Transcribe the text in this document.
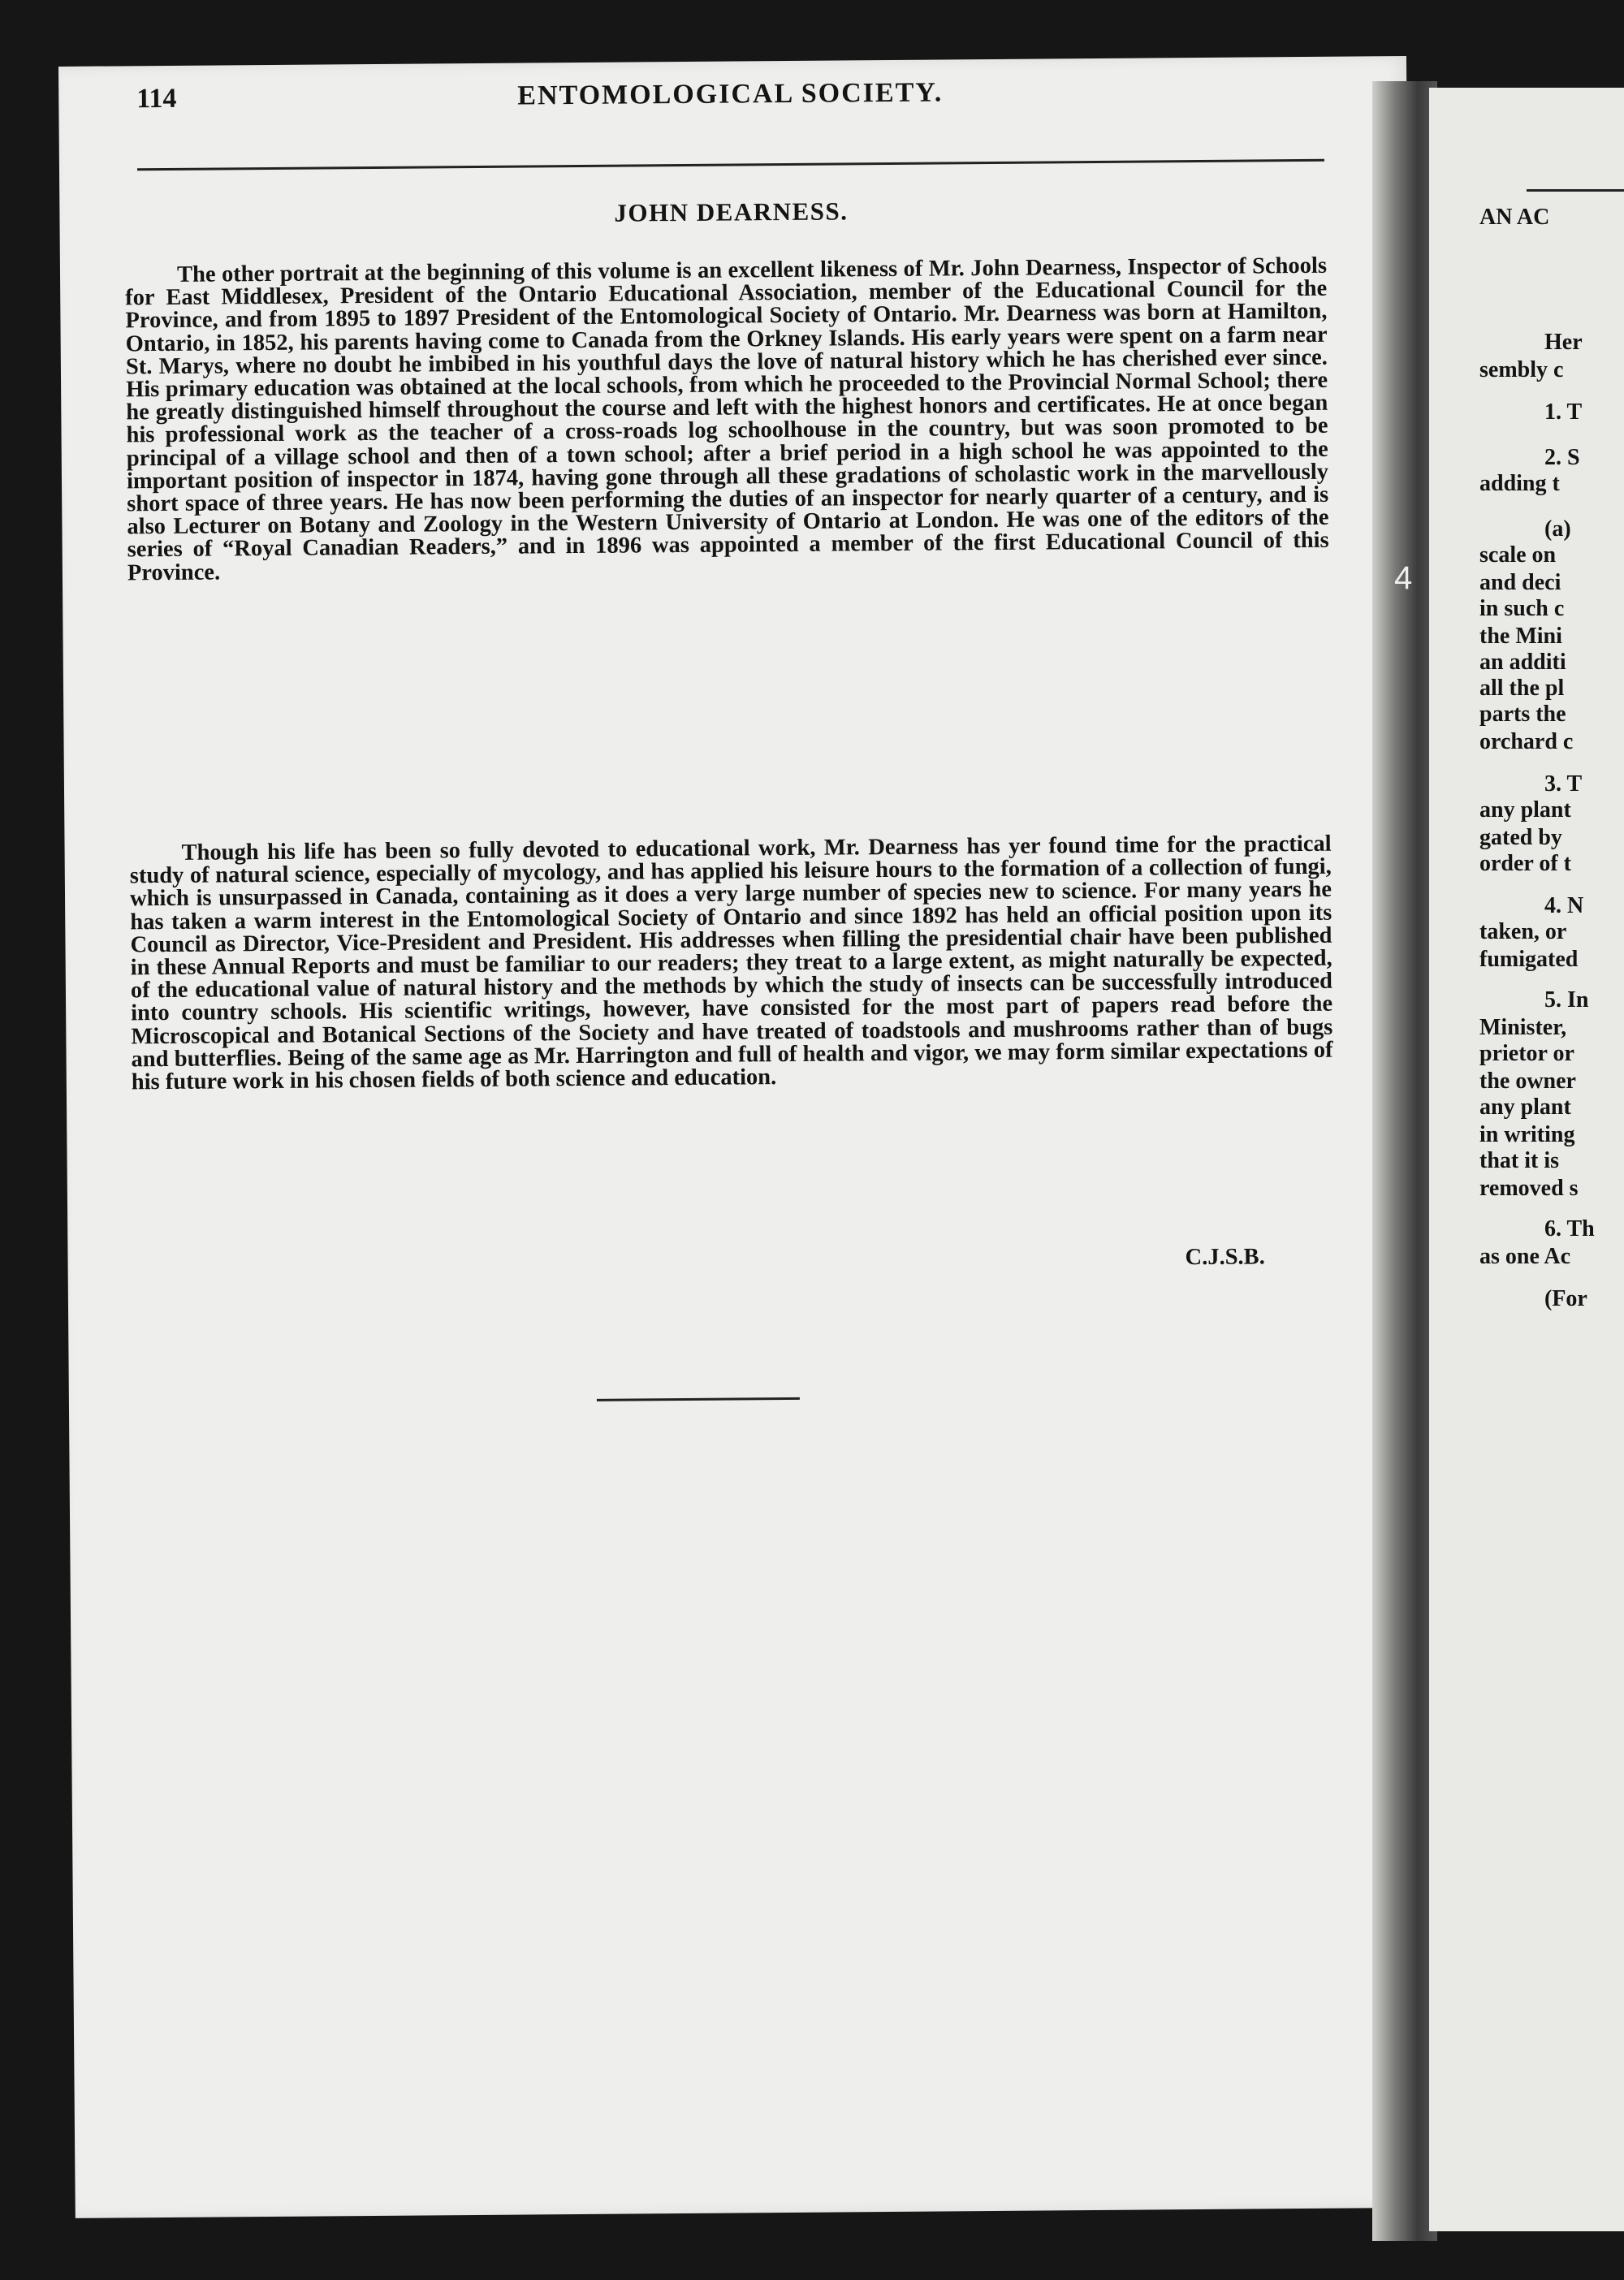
114	ENTOMOLOGICAL SOCIETY.
JOHN DEARNESS.

The other portrait at the beginning of this volume is an excellent likeness of Mr. John Dearness, Inspector of Schools for East Middlesex, President of the Ontario Educational Association, member of the Educational Council for the Province, and from 1895 to 1897 President of the Entomological Society of Ontario. Mr. Dearness was born at Hamilton, Ontario, in 1852, his parents having come to Canada from the Orkney Islands. His early years were spent on a farm near St. Marys, where no doubt he imbibed in his youthful days the love of natural history which he has cherished ever since. His primary education was obtained at the local schools, from which he proceeded to the Provincial Normal School; there he greatly distinguished himself throughout the course and left with the highest honors and certificates. He at once began his professional work as the teacher of a cross-roads log schoolhouse in the country, but was soon promoted to be principal of a village school and then of a town school; after a brief period in a high school he was appointed to the important position of inspector in 1874, having gone through all these gradations of scholastic work in the marvellously short space of three years. He has now been performing the duties of an inspector for nearly quarter of a century, and is also Lecturer on Botany and Zoology in the Western University of Ontario at London. He was one of the editors of the series of “Royal Canadian Readers,” and in 1896 was appointed a member of the first Educational Council of this Province.

Though his life has been so fully devoted to educational work, Mr. Dearness has yer found time for the practical study of natural science, especially of mycology, and has applied his leisure hours to the formation of a collection of fungi, which is unsurpassed in Canada, containing as it does a very large number of species new to science. For many years he has taken a warm interest in the Entomological Society of Ontario and since 1892 has held an official position upon its Council as Director, Vice-President and President. His addresses when filling the presidential chair have been published in these Annual Reports and must be familiar to our readers; they treat to a large extent, as might naturally be expected, of the educational value of natural history and the methods by which the study of insects can be successfully introduced into country schools. His scientific writings, however, have consisted for the most part of papers read before the Microscopical and Botanical Sections of the Society and have treated of toadstools and mushrooms rather than of bugs and butterflies. Being of the same age as Mr. Harrington and full of health and vigor, we may form similar expectations of his future work in his chosen fields of both science and education.

C.J.S.B.
4
AN AC
Her
sembly c
1. T
2. S
adding t
(a)
scale on
and deci
in such c
the Mini
an additi
all the pl
parts the
orchard c
3. T
any plant
gated by
order of t
4. N
taken, or
fumigated
5. In
Minister,
prietor or
the owner
any plant
in writing
that it is
removed s
6. Th
as one Ac
(For
